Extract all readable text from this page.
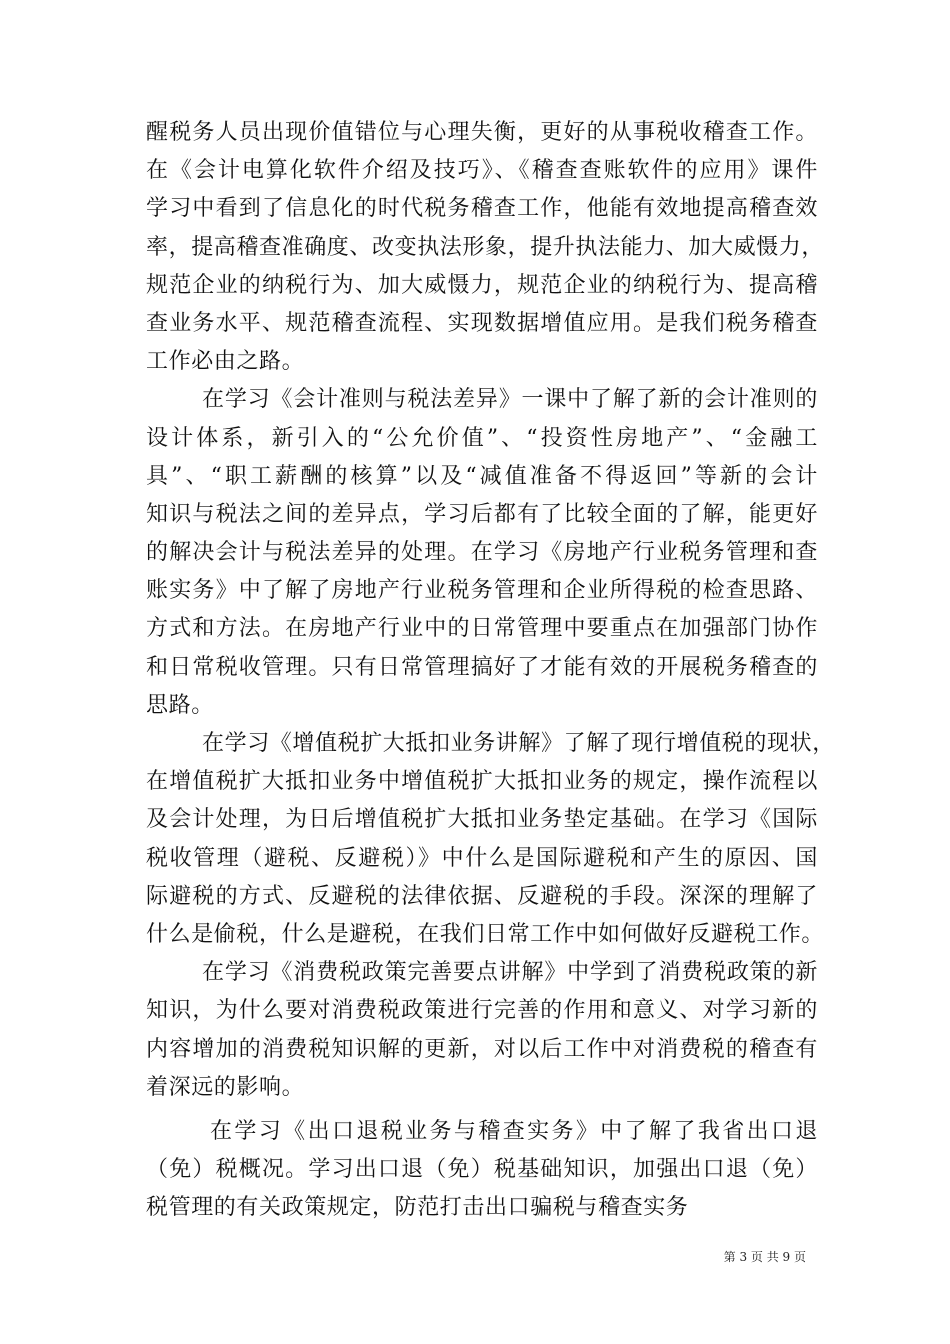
醒税务人员出现价值错位与心理失衡，更好的从事税收稽查工作。
在《会计电算化软件介绍及技巧》、《稽查查账软件的应用》课件
学习中看到了信息化的时代税务稽查工作，他能有效地提高稽查效
率，提高稽查准确度、改变执法形象，提升执法能力、加大威慑力，
规范企业的纳税行为、加大威慑力，规范企业的纳税行为、提高稽
查业务水平、规范稽查流程、实现数据增值应用。是我们税务稽查
工作必由之路。
在学习《会计准则与税法差异》一课中了解了新的会计准则的
设计体系，新引入的“公允价值”、“投资性房地产”、“金融工
具”、“职工薪酬的核算”以及“减值准备不得返回”等新的会计
知识与税法之间的差异点，学习后都有了比较全面的了解，能更好
的解决会计与税法差异的处理。在学习《房地产行业税务管理和查
账实务》中了解了房地产行业税务管理和企业所得税的检查思路、
方式和方法。在房地产行业中的日常管理中要重点在加强部门协作
和日常税收管理。只有日常管理搞好了才能有效的开展税务稽查的
思路。
在学习《增值税扩大抵扣业务讲解》了解了现行增值税的现状，
在增值税扩大抵扣业务中增值税扩大抵扣业务的规定，操作流程以
及会计处理，为日后增值税扩大抵扣业务垫定基础。在学习《国际
税收管理（避税、反避税）》中什么是国际避税和产生的原因、国
际避税的方式、反避税的法律依据、反避税的手段。深深的理解了
什么是偷税，什么是避税，在我们日常工作中如何做好反避税工作。
在学习《消费税政策完善要点讲解》中学到了消费税政策的新
知识，为什么要对消费税政策进行完善的作用和意义、对学习新的
内容增加的消费税知识解的更新，对以后工作中对消费税的稽查有
着深远的影响。
在学习《出口退税业务与稽查实务》中了解了我省出口退
（免）税概况。学习出口退（免）税基础知识，加强出口退（免）
税管理的有关政策规定，防范打击出口骗税与稽查实务
第 3 页 共 9 页
